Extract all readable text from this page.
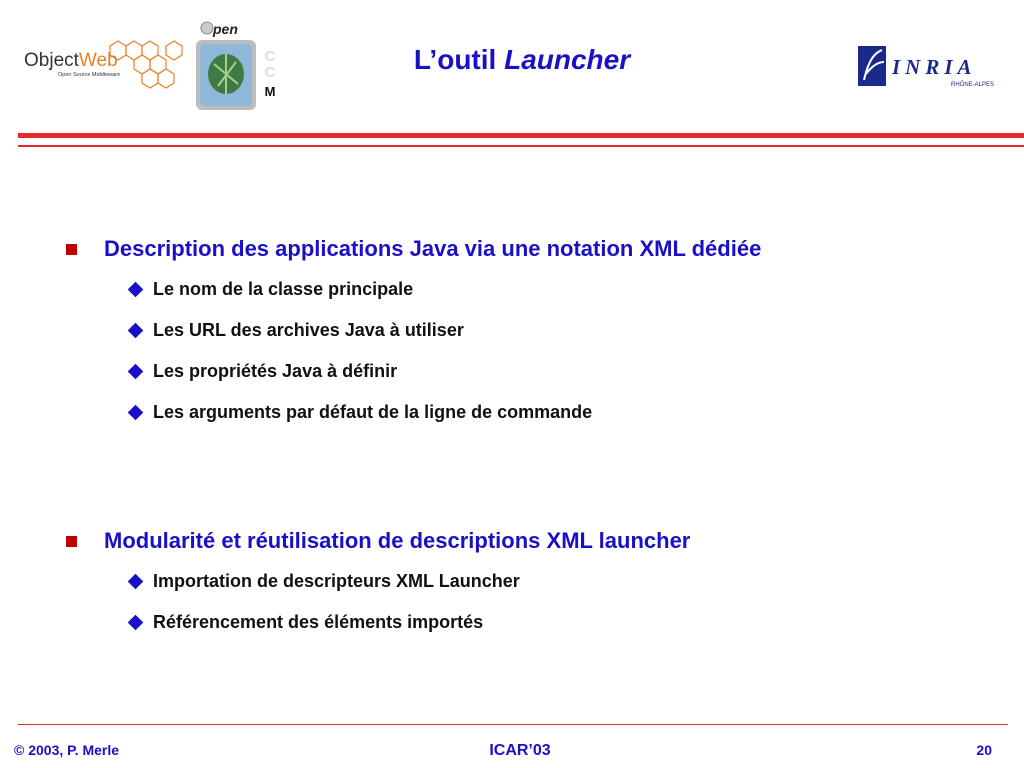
ObjectWeb
Open Source Middleware
pen
C
C
M
L’outil Launcher	INRIA
RHÔNE-ALPES
Description des applications Java via une notation XML dédiée
Le nom de la classe principale
Les URL des archives Java à utiliser
Les propriétés Java à définir
Les arguments par défaut de la ligne de commande
Modularité et réutilisation de descriptions XML launcher
Importation de descripteurs XML Launcher
Référencement des éléments importés
© 2003, P. Merle	ICAR’03	20
